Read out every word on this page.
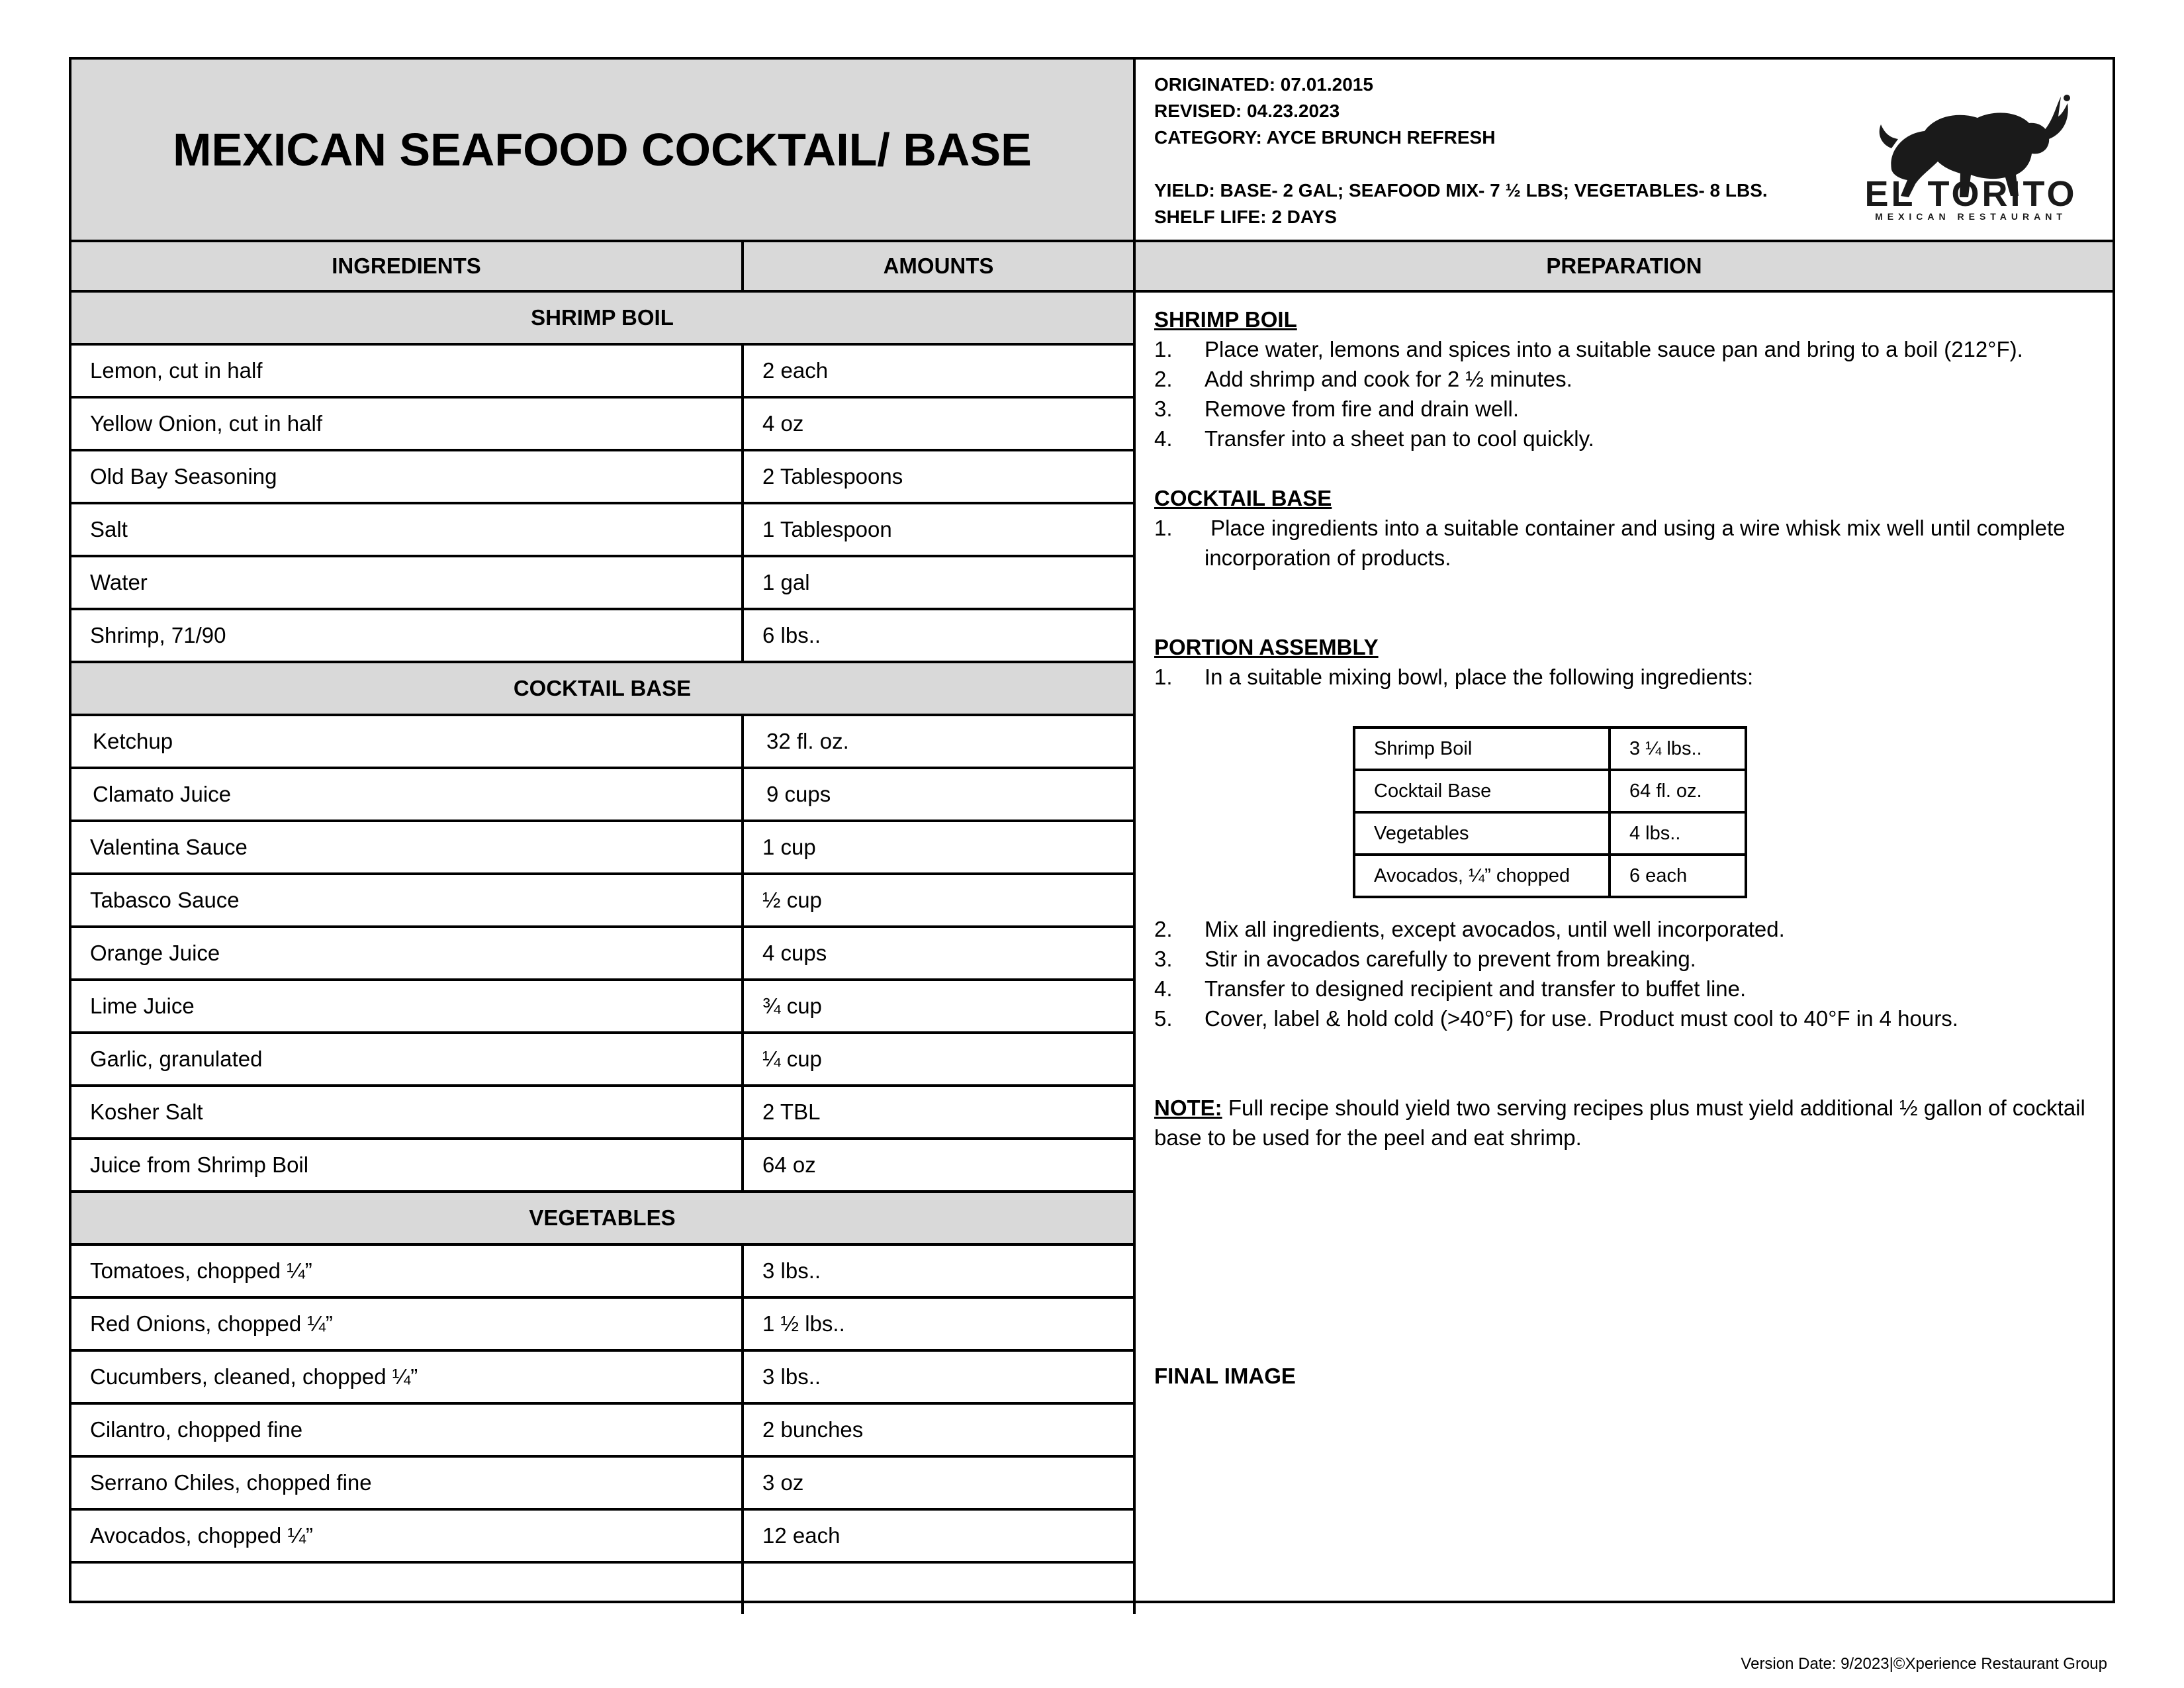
MEXICAN SEAFOOD COCKTAIL/ BASE
ORIGINATED: 07.01.2015
REVISED: 04.23.2023
CATEGORY: AYCE BRUNCH REFRESH
YIELD: BASE- 2 GAL; SEAFOOD MIX- 7 ½ LBS; VEGETABLES- 8 LBS.
SHELF LIFE: 2 DAYS
EL TORITO
MEXICAN RESTAURANT
INGREDIENTS	AMOUNTS	PREPARATION
SHRIMP BOIL
Lemon, cut in half	2 each
Yellow Onion, cut in half	4 oz
Old Bay Seasoning	2 Tablespoons
Salt	1 Tablespoon
Water	1 gal
Shrimp, 71/90	6 lbs..
COCKTAIL BASE
Ketchup	32 fl. oz.
Clamato Juice	9 cups
Valentina Sauce	1 cup
Tabasco Sauce	½ cup
Orange Juice	4 cups
Lime Juice	¾ cup
Garlic, granulated	¼ cup
Kosher Salt	2 TBL
Juice from Shrimp Boil	64 oz
VEGETABLES
Tomatoes, chopped ¼”	3 lbs..
Red Onions, chopped ¼”	1 ½ lbs..
Cucumbers, cleaned, chopped ¼”	3 lbs..
Cilantro, chopped fine	2 bunches
Serrano Chiles, chopped fine	3 oz
Avocados, chopped ¼”	12 each
SHRIMP BOIL
1.	Place water, lemons and spices into a suitable sauce pan and bring to a boil (212°F).
2.	Add shrimp and cook for 2 ½ minutes.
3.	Remove from fire and drain well.
4.	Transfer into a sheet pan to cool quickly.
COCKTAIL BASE
1.	Place ingredients into a suitable container and using a wire whisk mix well until complete incorporation of products.
PORTION ASSEMBLY
1.	In a suitable mixing bowl, place the following ingredients:
Shrimp Boil	3 ¼ lbs..
Cocktail Base	64 fl. oz.
Vegetables	4 lbs..
Avocados, ¼” chopped	6 each
2.	Mix all ingredients, except avocados, until well incorporated.
3.	Stir in avocados carefully to prevent from breaking.
4.	Transfer to designed recipient and transfer to buffet line.
5.	Cover, label & hold cold (>40°F) for use. Product must cool to 40°F in 4 hours.
NOTE: Full recipe should yield two serving recipes plus must yield additional ½ gallon of cocktail base to be used for the peel and eat shrimp.
FINAL IMAGE
Version Date: 9/2023|©Xperience Restaurant Group
